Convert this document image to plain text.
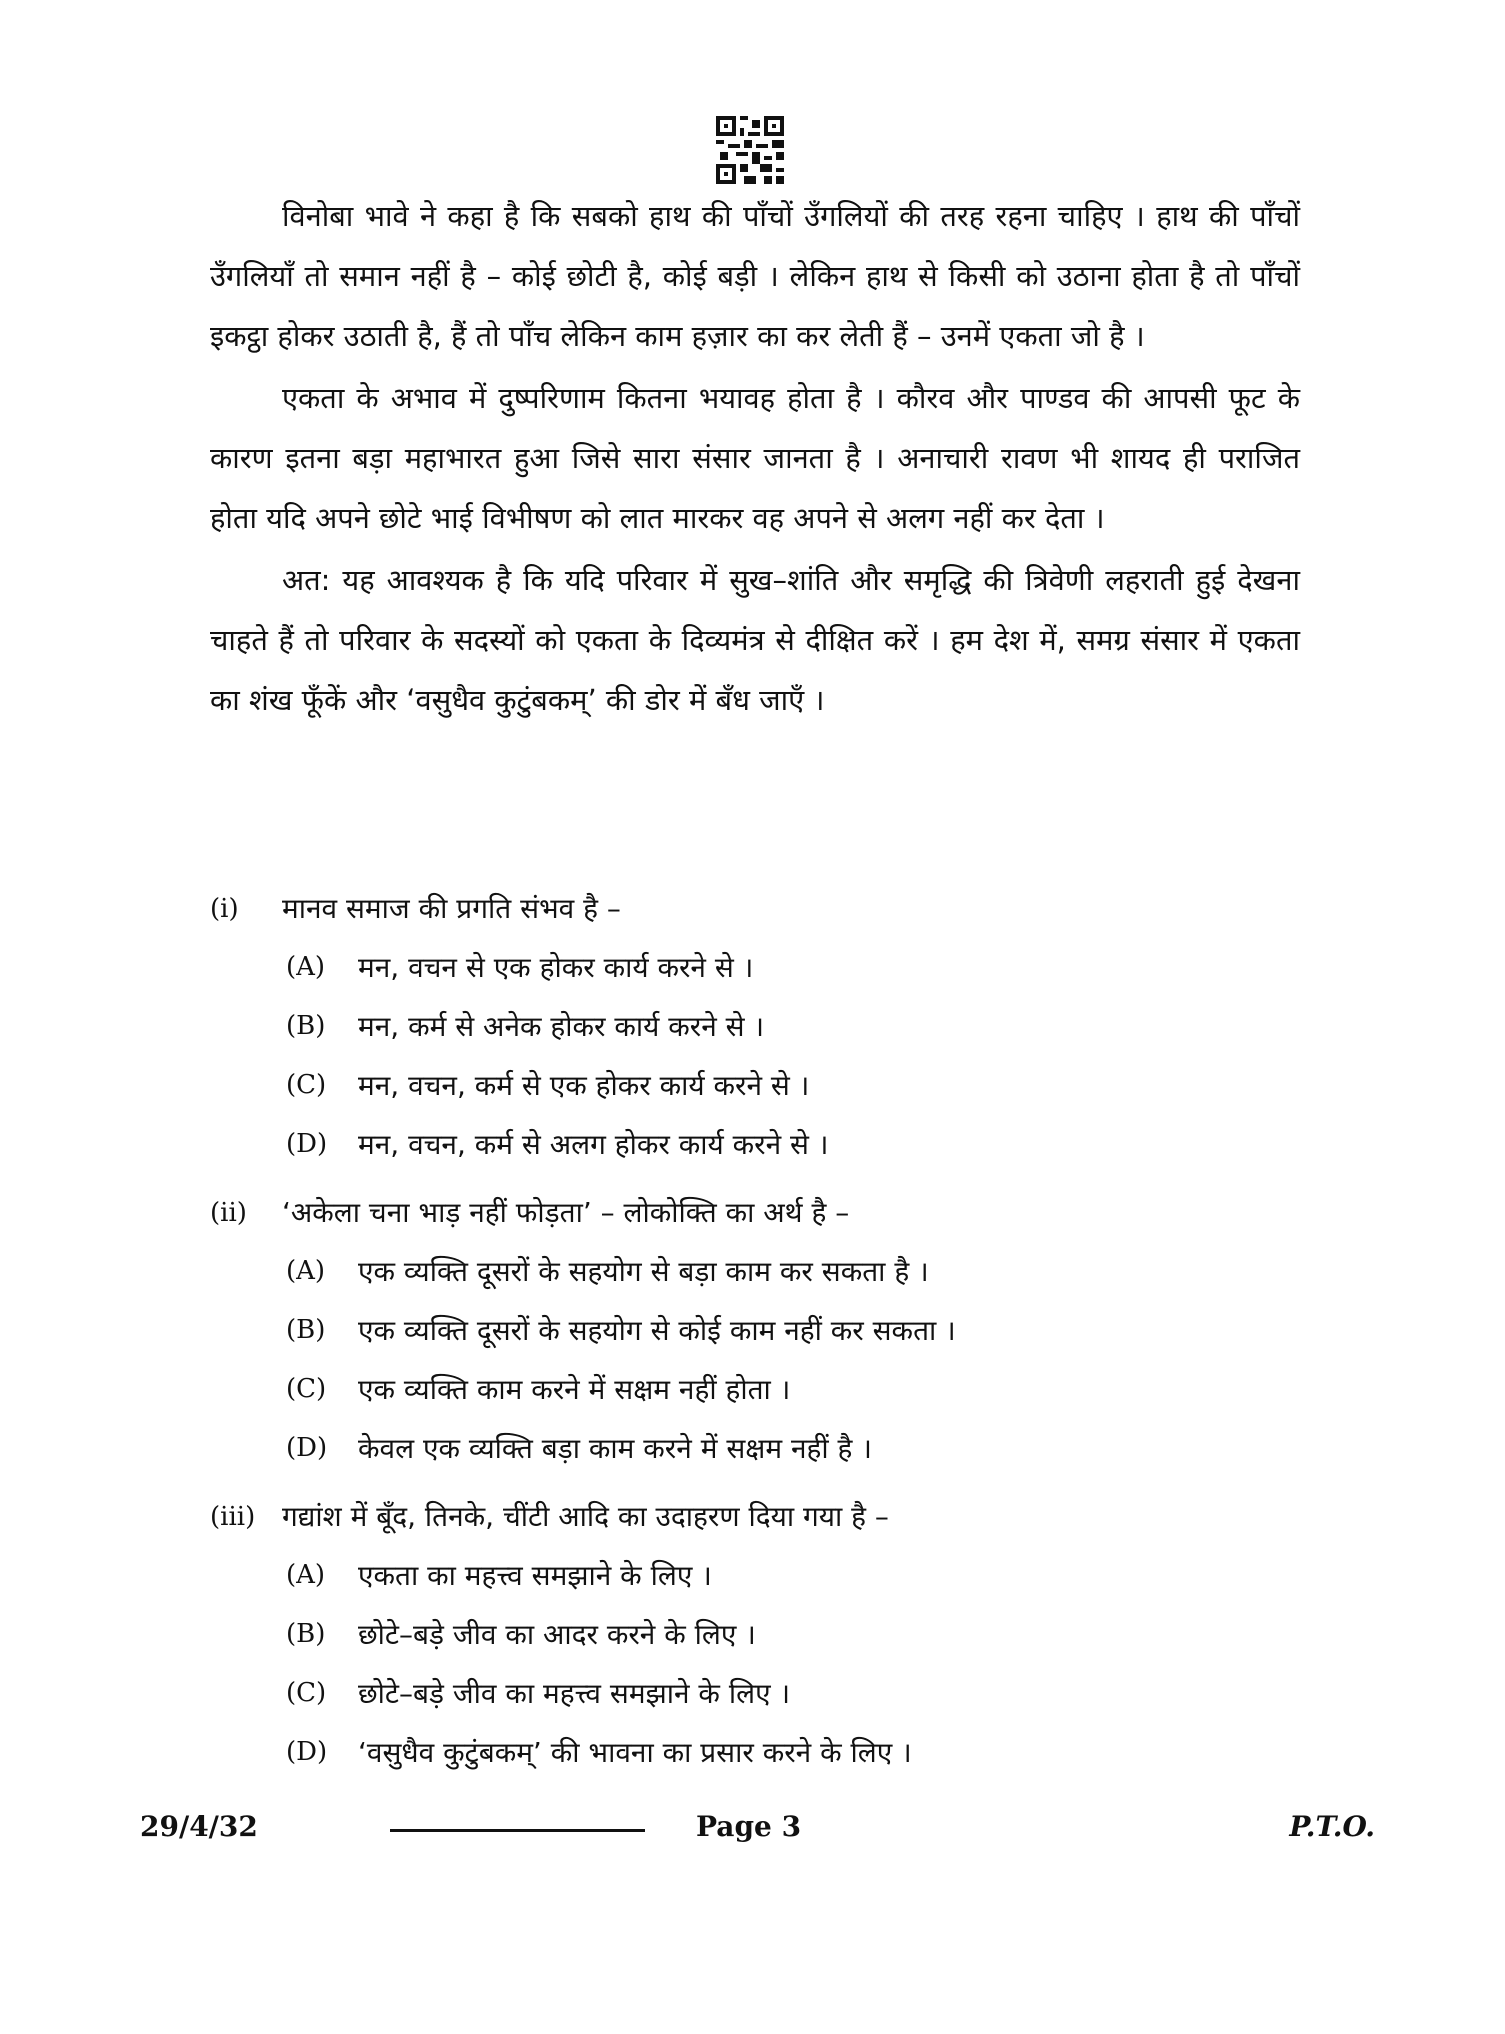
विनोबा भावे ने कहा है कि सबको हाथ की पाँचों उँगलियों की तरह रहना चाहिए । हाथ की पाँचों उँगलियाँ तो समान नहीं है – कोई छोटी है, कोई बड़ी । लेकिन हाथ से किसी को उठाना होता है तो पाँचों इकट्ठा होकर उठाती है, हैं तो पाँच लेकिन काम हज़ार का कर लेती हैं – उनमें एकता जो है ।

एकता के अभाव में दुष्परिणाम कितना भयावह होता है । कौरव और पाण्डव की आपसी फूट के कारण इतना बड़ा महाभारत हुआ जिसे सारा संसार जानता है । अनाचारी रावण भी शायद ही पराजित होता यदि अपने छोटे भाई विभीषण को लात मारकर वह अपने से अलग नहीं कर देता ।

अत: यह आवश्यक है कि यदि परिवार में सुख–शांति और समृद्धि की त्रिवेणी लहराती हुई देखना चाहते हैं तो परिवार के सदस्यों को एकता के दिव्यमंत्र से दीक्षित करें । हम देश में, समग्र संसार में एकता का शंख फूँकें और ‘वसुधैव कुटुंबकम्’ की डोर में बँध जाएँ ।

(i)	मानव समाज की प्रगति संभव है –
(A)	मन, वचन से एक होकर कार्य करने से ।
(B)	मन, कर्म से अनेक होकर कार्य करने से ।
(C)	मन, वचन, कर्म से एक होकर कार्य करने से ।
(D)	मन, वचन, कर्म से अलग होकर कार्य करने से ।
(ii)	‘अकेला चना भाड़ नहीं फोड़ता’ – लोकोक्ति का अर्थ है –
(A)	एक व्यक्ति दूसरों के सहयोग से बड़ा काम कर सकता है ।
(B)	एक व्यक्ति दूसरों के सहयोग से कोई काम नहीं कर सकता ।
(C)	एक व्यक्ति काम करने में सक्षम नहीं होता ।
(D)	केवल एक व्यक्ति बड़ा काम करने में सक्षम नहीं है ।
(iii) गद्यांश में बूँद, तिनके, चींटी आदि का उदाहरण दिया गया है –
(A)	एकता का महत्त्व समझाने के लिए ।
(B)	छोटे–बड़े जीव का आदर करने के लिए ।
(C)	छोटे–बड़े जीव का महत्त्व समझाने के लिए ।
(D)	‘वसुधैव कुटुंबकम्’ की भावना का प्रसार करने के लिए ।
29/4/32	Page 3	P.T.O.
